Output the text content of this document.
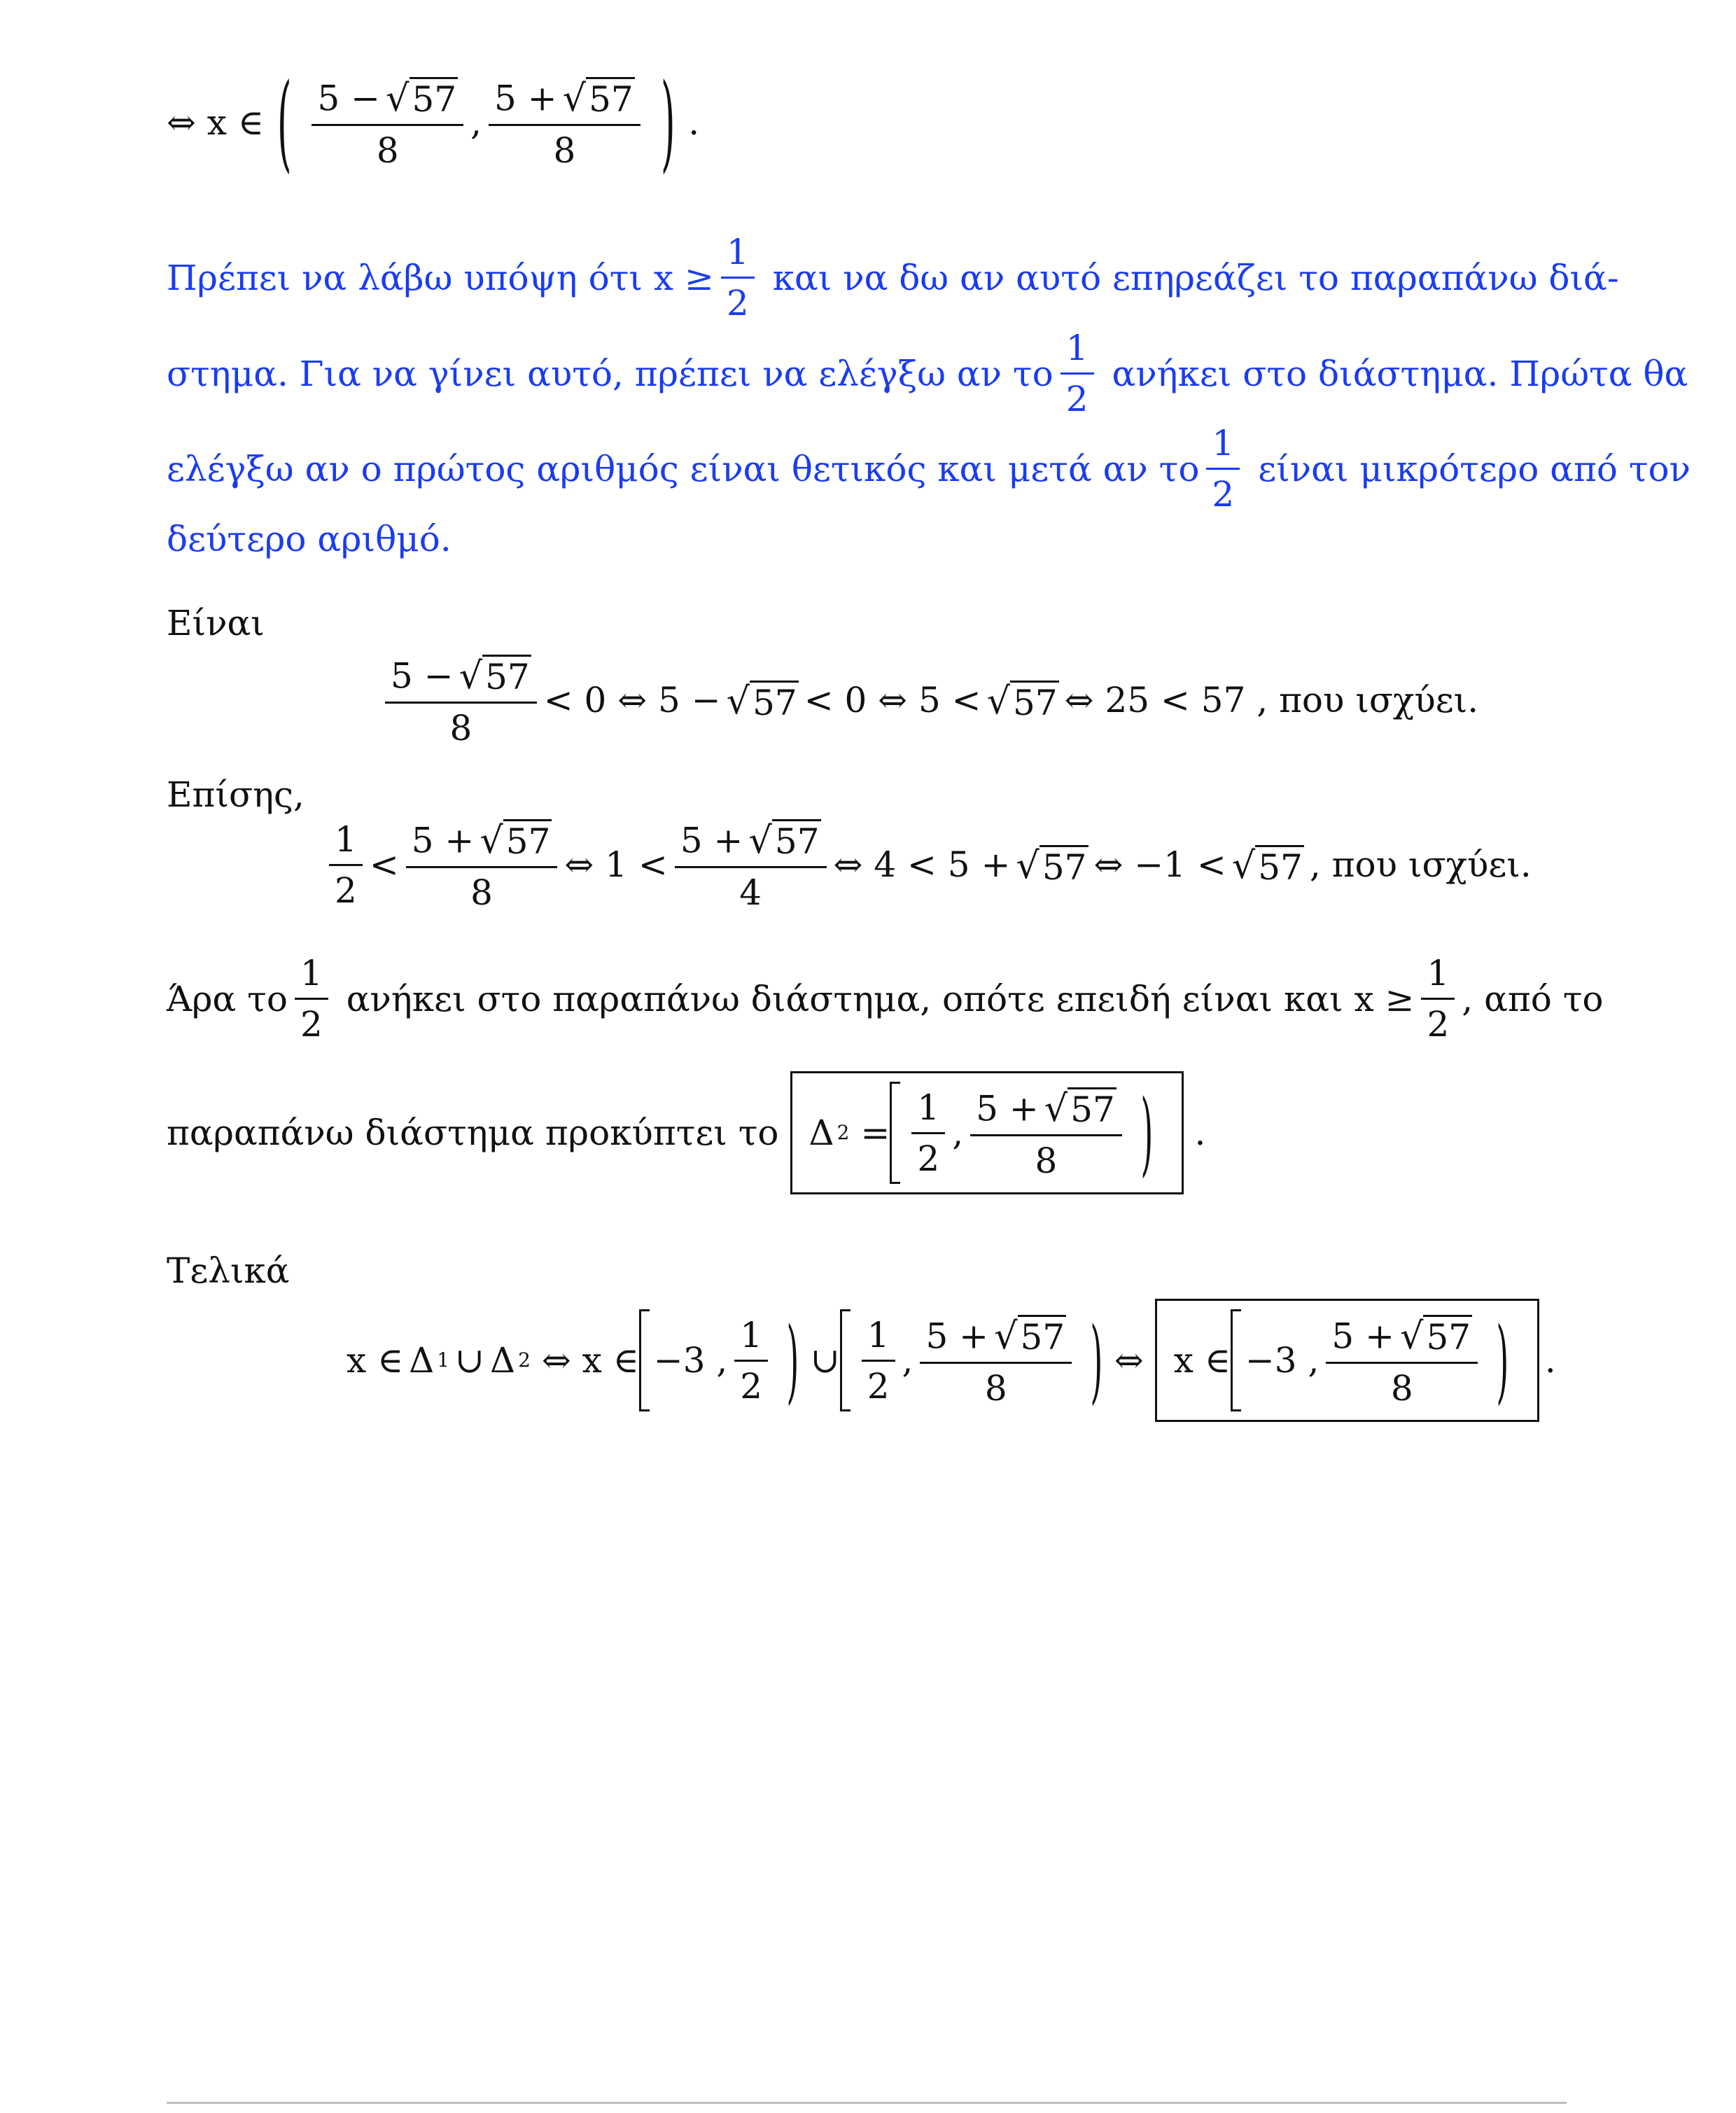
⇔ x ∈ ( $\frac{5 - √ 57}{8}$ , $\frac{5 + √ 57}{8}$ ) .
Πρέπει να λάβω υπόψη ότι $x \ge \frac{1}{2}$ και να δω αν αυτό επηρεάζει το παραπάνω διά-
στημα. Για να γίνει αυτό, πρέπει να ελέγξω αν το $\frac{1}{2}$ ανήκει στο διάστημα. Πρώτα θα
ελέγξω αν ο πρώτος αριθμός είναι θετικός και μετά αν το $\frac{1}{2}$ είναι μικρότερο από τον
δεύτερο αριθμό.
Είναι
$\frac{5 - √ 57}{8} < 0$ ⇔ 5 − √ 57 < 0 ⇔ 5 < √ 57 ⇔ 25 < 57 , που ισχύει.
Επίσης,
$\frac{1}{2} < \frac{5 + √ 57}{8}$ ⇔ $1 < \frac{5 + √ 57}{4}$ ⇔ 4 < 5 + √ 57 ⇔ −1 < √ 57 , που ισχύει.
Άρα το $\frac{1}{2}$ ανήκει στο παραπάνω διάστημα, οπότε επειδή είναι και $x \ge \frac{1}{2}$ , από το
παραπάνω διάστημα προκύπτει το Δ $2 = \frac{1}{2}$ , $\frac{5 + √ 57}{8}$ ) .
Τελικά
x ∈ Δ 1 ∪ Δ 2 ⇔ x ∈ −3 , $\frac{1}{2}$ ) ∪ $\frac{1}{2}$ , $\frac{5 + √ 57}{8}$ ) ⇔ x ∈ −3 , $\frac{5 + √ 57}{8}$ ) .
